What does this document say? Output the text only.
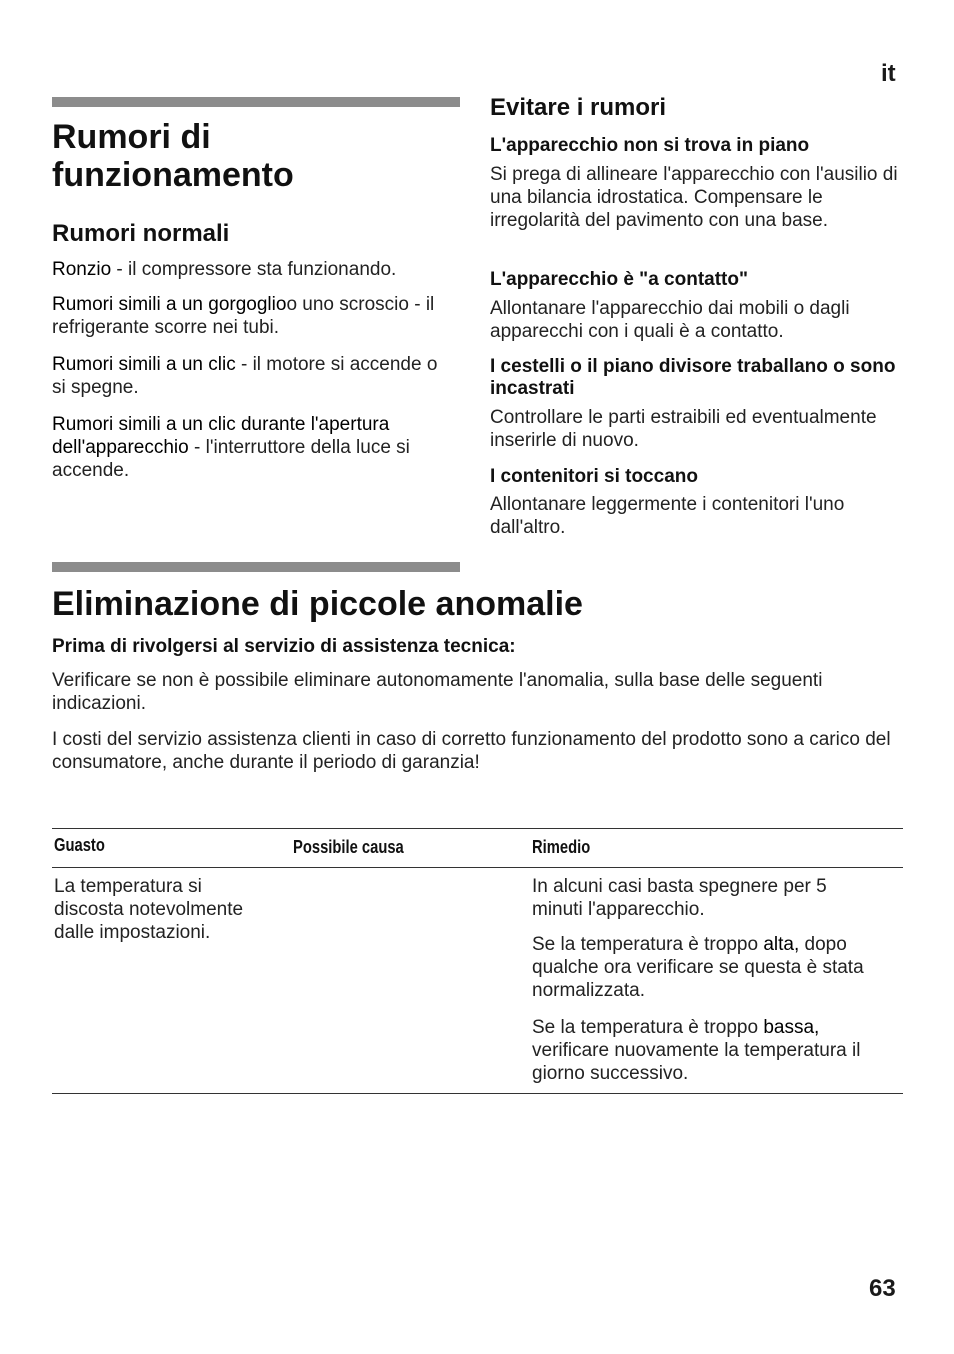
it
Rumori di funzionamento
Rumori normali
Ronzio - il compressore sta funzionando.
Rumori simili a un gorgoglioo uno scroscio - il refrigerante scorre nei tubi.
Rumori simili a un clic - il motore si accende o si spegne.
Rumori simili a un clic durante l'apertura dell'apparecchio - l'interruttore della luce si accende.
Evitare i rumori
L'apparecchio non si trova in piano
Si prega di allineare l'apparecchio con l'ausilio di una bilancia idrostatica. Compensare le irregolarità del pavimento con una base.
L'apparecchio è "a contatto"
Allontanare l'apparecchio dai mobili o dagli apparecchi con i quali è a contatto.
I cestelli o il piano divisore traballano o sono incastrati
Controllare le parti estraibili ed eventualmente inserirle di nuovo.
I contenitori si toccano
Allontanare leggermente i contenitori l'uno dall'altro.
Eliminazione di piccole anomalie
Prima di rivolgersi al servizio di assistenza tecnica:
Verificare se non è possibile eliminare autonomamente l'anomalia, sulla base delle seguenti indicazioni.
I costi del servizio assistenza clienti in caso di corretto funzionamento del prodotto sono a carico del consumatore, anche durante il periodo di garanzia!
Guasto	Possibile causa	Rimedio
La temperatura si discosta notevolmente dalle impostazioni.
In alcuni casi basta spegnere per 5 minuti l'apparecchio.
Se la temperatura è troppo alta, dopo qualche ora verificare se questa è stata normalizzata.
Se la temperatura è troppo bassa, verificare nuovamente la temperatura il giorno successivo.
63
